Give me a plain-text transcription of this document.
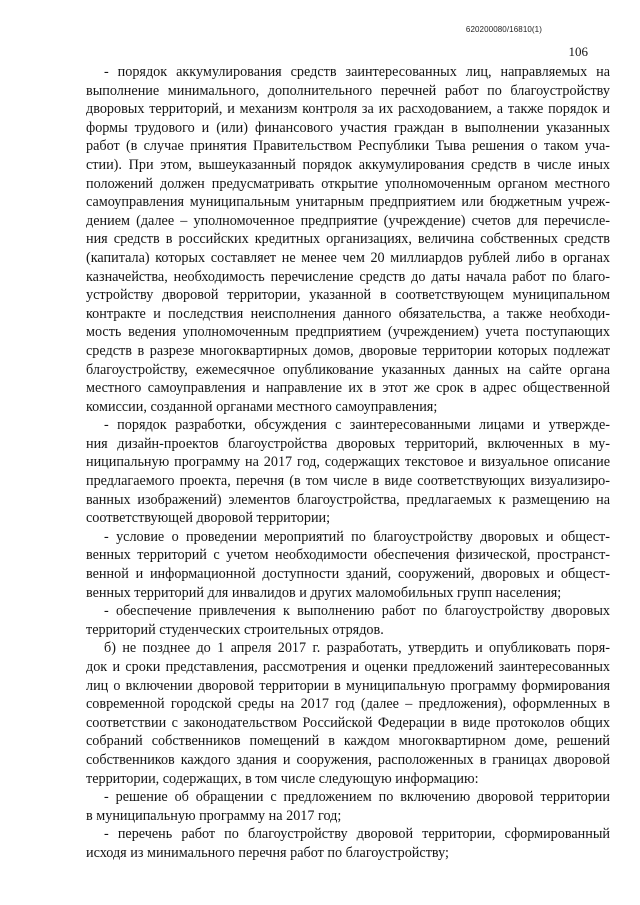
620200080/16810(1)
106
- порядок аккумулирования средств заинтересованных лиц, направляемых на
выполнение минимального, дополнительного перечней работ по благоустройству
дворовых территорий, и механизм контроля за их расходованием, а также порядок и
формы трудового и (или) финансового участия граждан в выполнении указанных
работ (в случае принятия Правительством Республики Тыва решения о таком уча-
стии). При этом, вышеуказанный порядок аккумулирования средств в числе иных
положений должен предусматривать открытие уполномоченным органом местного
самоуправления муниципальным унитарным предприятием или бюджетным учреж-
дением (далее – уполномоченное предприятие (учреждение) счетов для перечисле-
ния средств в российских кредитных организациях, величина собственных средств
(капитала) которых составляет не менее чем 20 миллиардов рублей либо в органах
казначейства, необходимость перечисление средств до даты начала работ по благо-
устройству дворовой территории, указанной в соответствующем муниципальном
контракте и последствия неисполнения данного обязательства, а также необходи-
мость ведения уполномоченным предприятием (учреждением) учета поступающих
средств в разрезе многоквартирных домов, дворовые территории которых подлежат
благоустройству, ежемесячное опубликование указанных данных на сайте органа
местного самоуправления и направление их в этот же срок в адрес общественной
комиссии, созданной органами местного самоуправления;
- порядок разработки, обсуждения с заинтересованными лицами и утвержде-
ния дизайн-проектов благоустройства дворовых территорий, включенных в му-
ниципальную программу на 2017 год, содержащих текстовое и визуальное описание
предлагаемого проекта, перечня (в том числе в виде соответствующих визуализиро-
ванных изображений) элементов благоустройства, предлагаемых к размещению на
соответствующей дворовой территории;
- условие о проведении мероприятий по благоустройству дворовых и общест-
венных территорий с учетом необходимости обеспечения физической, пространст-
венной и информационной доступности зданий, сооружений, дворовых и общест-
венных территорий для инвалидов и других маломобильных групп населения;
- обеспечение привлечения к выполнению работ по благоустройству дворовых
территорий студенческих строительных отрядов.
б) не позднее до 1 апреля 2017 г. разработать, утвердить и опубликовать поря-
док и сроки представления, рассмотрения и оценки предложений заинтересованных
лиц о включении дворовой территории в муниципальную программу формирования
современной городской среды на 2017 год (далее – предложения), оформленных в
соответствии с законодательством Российской Федерации в виде протоколов общих
собраний собственников помещений в каждом многоквартирном доме, решений
собственников каждого здания и сооружения, расположенных в границах дворовой
территории, содержащих, в том числе следующую информацию:
- решение об обращении с предложением по включению дворовой территории
в муниципальную программу на 2017 год;
- перечень работ по благоустройству дворовой территории, сформированный
исходя из минимального перечня работ по благоустройству;
